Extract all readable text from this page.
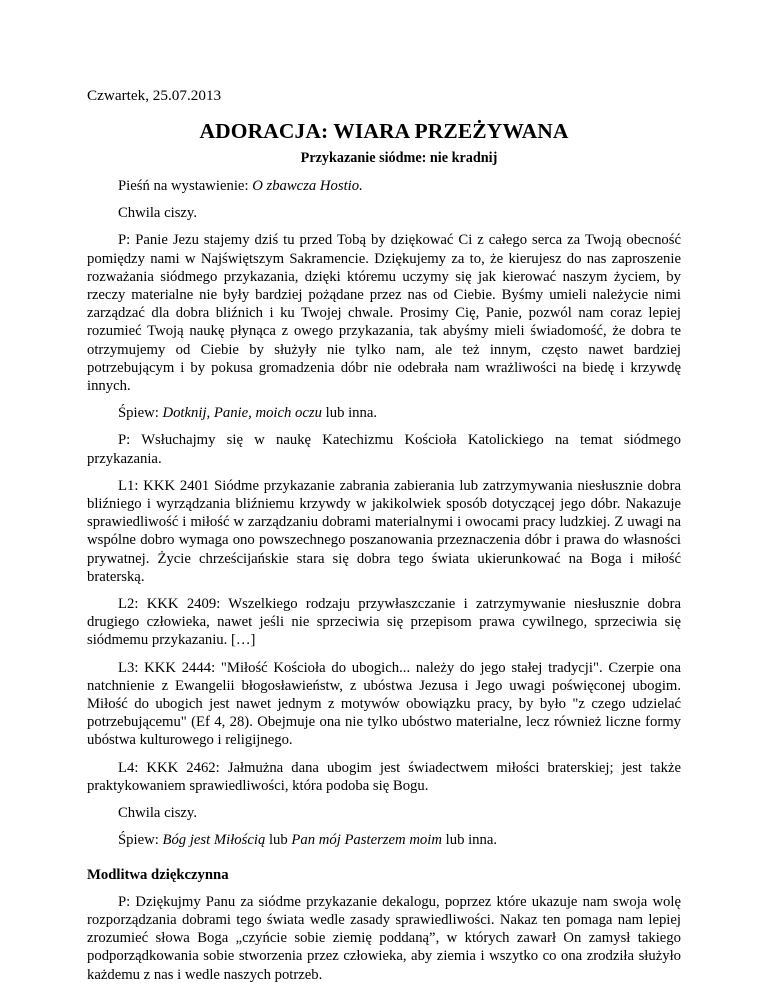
Czwartek, 25.07.2013
ADORACJA: WIARA PRZEŻYWANA
Przykazanie siódme: nie kradnij

Pieśń na wystawienie: O zbawcza Hostio.

Chwila ciszy.

P: Panie Jezu stajemy dziś tu przed Tobą by dziękować Ci z całego serca za Twoją obecność pomiędzy nami w Najświętszym Sakramencie. Dziękujemy za to, że kierujesz do nas zaproszenie rozważania siódmego przykazania, dzięki któremu uczymy się jak kierować naszym życiem, by rzeczy materialne nie były bardziej pożądane przez nas od Ciebie. Byśmy umieli należycie nimi zarządzać dla dobra bliźnich i ku Twojej chwale. Prosimy Cię, Panie, pozwól nam coraz lepiej rozumieć Twoją naukę płynąca z owego przykazania, tak abyśmy mieli świadomość, że dobra te otrzymujemy od Ciebie by służyły nie tylko nam, ale też innym, często nawet bardziej potrzebującym i by pokusa gromadzenia dóbr nie odebrała nam wrażliwości na biedę i krzywdę innych.

Śpiew: Dotknij, Panie, moich oczu lub inna.

P: Wsłuchajmy się w naukę Katechizmu Kościoła Katolickiego na temat siódmego przykazania.

L1: KKK 2401 Siódme przykazanie zabrania zabierania lub zatrzymywania niesłusznie dobra bliźniego i wyrządzania bliźniemu krzywdy w jakikolwiek sposób dotyczącej jego dóbr. Nakazuje sprawiedliwość i miłość w zarządzaniu dobrami materialnymi i owocami pracy ludzkiej. Z uwagi na wspólne dobro wymaga ono powszechnego poszanowania przeznaczenia dóbr i prawa do własności prywatnej. Życie chrześcijańskie stara się dobra tego świata ukierunkować na Boga i miłość braterską.

L2: KKK 2409: Wszelkiego rodzaju przywłaszczanie i zatrzymywanie niesłusznie dobra drugiego człowieka, nawet jeśli nie sprzeciwia się przepisom prawa cywilnego, sprzeciwia się siódmemu przykazaniu. […]

L3: KKK 2444: "Miłość Kościoła do ubogich... należy do jego stałej tradycji". Czerpie ona natchnienie z Ewangelii błogosławieństw, z ubóstwa Jezusa i Jego uwagi poświęconej ubogim. Miłość do ubogich jest nawet jednym z motywów obowiązku pracy, by było "z czego udzielać potrzebującemu" (Ef 4, 28). Obejmuje ona nie tylko ubóstwo materialne, lecz również liczne formy ubóstwa kulturowego i religijnego.

L4: KKK 2462: Jałmużna dana ubogim jest świadectwem miłości braterskiej; jest także praktykowaniem sprawiedliwości, która podoba się Bogu.

Chwila ciszy.

Śpiew: Bóg jest Miłością lub Pan mój Pasterzem moim lub inna.

Modlitwa dziękczynna

P: Dziękujmy Panu za siódme przykazanie dekalogu, poprzez które ukazuje nam swoja wolę rozporządzania dobrami tego świata wedle zasady sprawiedliwości. Nakaz ten pomaga nam lepiej zrozumieć słowa Boga „czyńcie sobie ziemię poddaną”, w których zawarł On zamysł takiego podporządkowania sobie stworzenia przez człowieka, aby ziemia i wszytko co ona zrodziła służyło każdemu z nas i wedle naszych potrzeb.
